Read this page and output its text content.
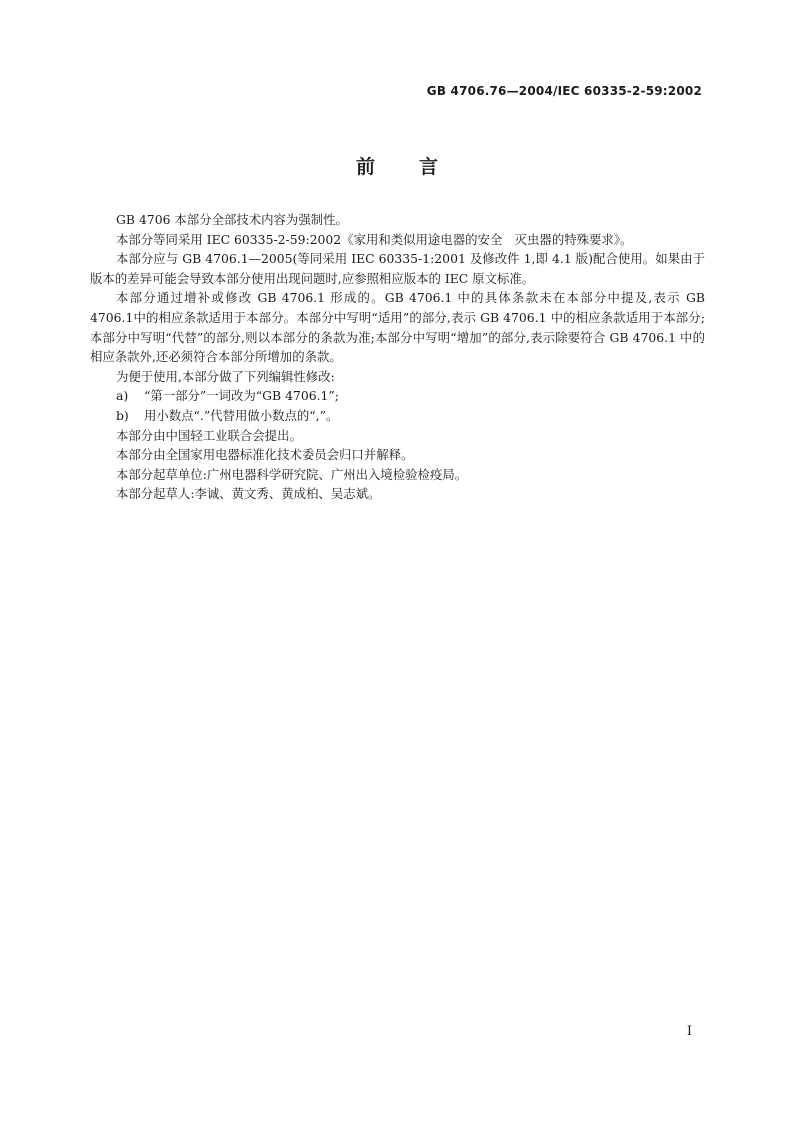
GB 4706.76—2004/IEC 60335-2-59:2002
前言

GB 4706 本部分全部技术内容为强制性。

本部分等同采用 IEC 60335-2-59:2002《家用和类似用途电器的安全　灭虫器的特殊要求》。

本部分应与 GB 4706.1—2005(等同采用 IEC 60335-1:2001 及修改件 1,即 4.1 版)配合使用。如果由于版本的差异可能会导致本部分使用出现问题时,应参照相应版本的 IEC 原文标准。

本部分通过增补或修改 GB 4706.1 形成的。GB 4706.1 中的具体条款未在本部分中提及,表示 GB 4706.1中的相应条款适用于本部分。本部分中写明“适用”的部分,表示 GB 4706.1 中的相应条款适用于本部分;本部分中写明“代替”的部分,则以本部分的条款为准;本部分中写明“增加”的部分,表示除要符合 GB 4706.1 中的相应条款外,还必须符合本部分所增加的条款。

为便于使用,本部分做了下列编辑性修改:

a) “第一部分”一词改为“GB 4706.1”;

b) 用小数点“.”代替用做小数点的“,”。

本部分由中国轻工业联合会提出。

本部分由全国家用电器标准化技术委员会归口并解释。

本部分起草单位:广州电器科学研究院、广州出入境检验检疫局。

本部分起草人:李诚、黄文秀、黄成柏、吴志斌。

I
